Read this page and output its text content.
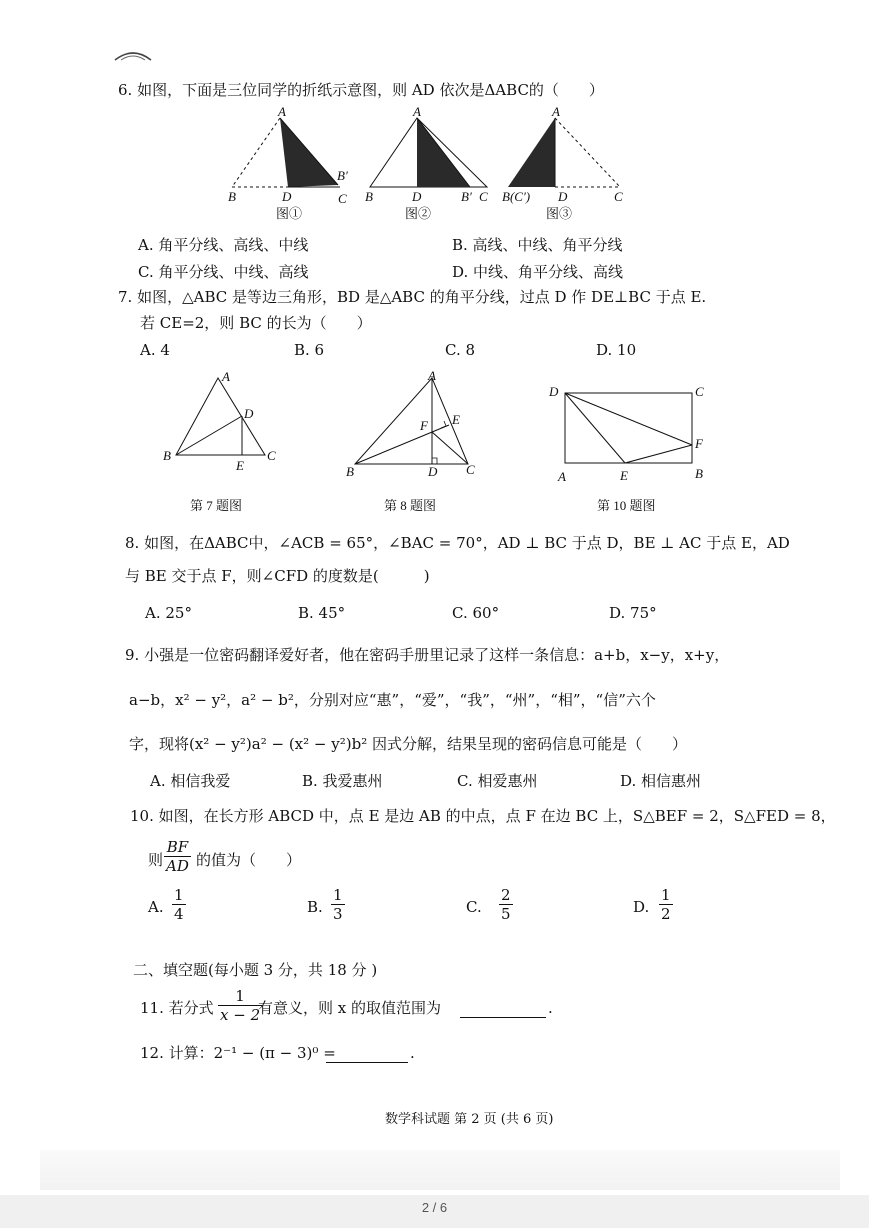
6. 如图，下面是三位同学的折纸示意图，则 AD 依次是ΔABC的（　　）
A
B	D	C
B′
图①
A
B	D	B′ C
图②
A
B(C′) D	C
图③
A. 角平分线、高线、中线	B. 高线、中线、角平分线
C. 角平分线、中线、高线	D. 中线、角平分线、高线
7. 如图，△ABC 是等边三角形，BD 是△ABC 的角平分线，过点 D 作 DE⊥BC 于点 E.
若 CE=2，则 BC 的长为（　　）
A. 4	B. 6	C. 8	D. 10
A
B
D
E
C
第 7 题图
A
E
F
B	D C
第 8 题图
D	C
F
A	E	B
第 10 题图
8. 如图，在ΔABC中，∠ACB = 65°，∠BAC = 70°，AD ⊥ BC 于点 D，BE ⊥ AC 于点 E，AD
与 BE 交于点 F，则∠CFD 的度数是(　　　)
A. 25°	B. 45°	C. 60°	D. 75°
9. 小强是一位密码翻译爱好者，他在密码手册里记录了这样一条信息：a+b，x−y，x+y，
a−b，x² − y²，a² − b²，分别对应“惠”，“爱”，“我”，“州”，“相”，“信”六个
字，现将(x² − y²)a² − (x² − y²)b² 因式分解，结果呈现的密码信息可能是（　　）
A. 相信我爱	B. 我爱惠州	C. 相爱惠州	D. 相信惠州
10. 如图，在长方形 ABCD 中，点 E 是边 AB 的中点，点 F 在边 BC 上，S△BEF = 2，S△FED = 8，
则 $\frac{BF}{AD}$ 的值为（　　）
A. $\frac{1}{4}$	B. $\frac{1}{3}$	C. $\frac{2}{5}$	D. $\frac{1}{2}$
二、填空题(每小题 3 分，共 18 分 )
11. 若分式 $\frac{1}{x - 2}$
有意义，则 x 的取值范围为	.
12. 计算：2⁻¹ − (π − 3)⁰ =	.
数学科试题 第 2 页 (共 6 页)
2 / 6
